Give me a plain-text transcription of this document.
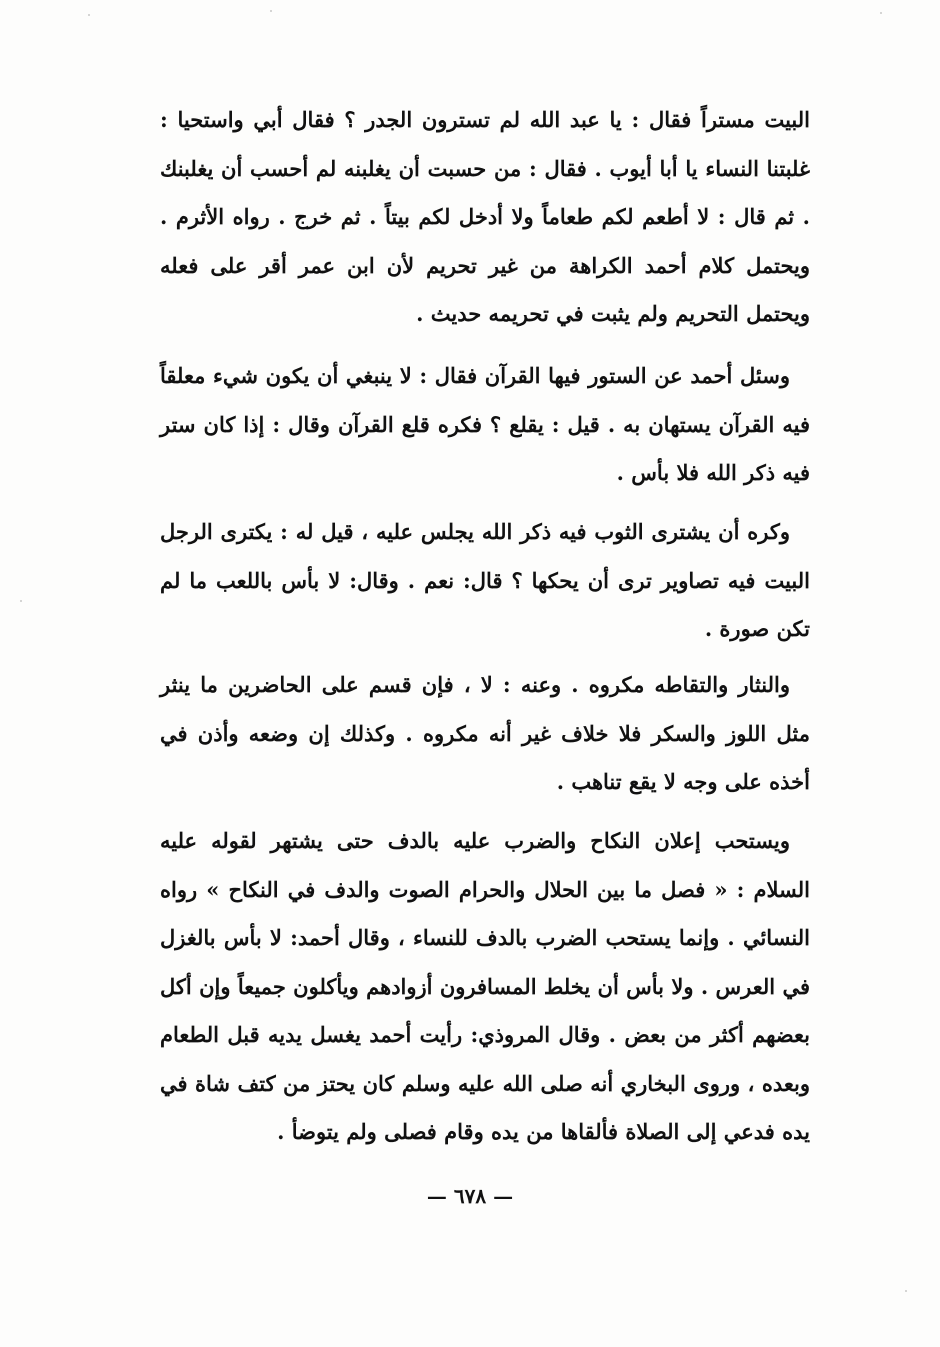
البيت مستراً فقال : يا عبد الله لم تسترون الجدر ؟ فقال أبي واستحيا : غلبتنا النساء يا أبا أيوب . فقال : من حسبت أن يغلبنه لم أحسب أن يغلبنك . ثم قال : لا أطعم لكم طعاماً ولا أدخل لكم بيتاً . ثم خرج . رواه الأثرم . ويحتمل كلام أحمد الكراهة من غير تحريم لأن ابن عمر أقر على فعله ويحتمل التحريم ولم يثبت في تحريمه حديث .

وسئل أحمد عن الستور فيها القرآن فقال : لا ينبغي أن يكون شيء معلقاً فيه القرآن يستهان به . قيل : يقلع ؟ فكره قلع القرآن وقال : إذا كان ستر فيه ذكر الله فلا بأس .

وكره أن يشترى الثوب فيه ذكر الله يجلس عليه ، قيل له : يكترى الرجل البيت فيه تصاوير ترى أن يحكها ؟ قال: نعم . وقال: لا بأس باللعب ما لم تكن صورة .

والنثار والتقاطه مكروه . وعنه : لا ، فإن قسم على الحاضرين ما ينثر مثل اللوز والسكر فلا خلاف غير أنه مكروه . وكذلك إن وضعه وأذن في أخذه على وجه لا يقع تناهب .

ويستحب إعلان النكاح والضرب عليه بالدف حتى يشتهر لقوله عليه السلام : « فصل ما بين الحلال والحرام الصوت والدف في النكاح » رواه النسائي . وإنما يستحب الضرب بالدف للنساء ، وقال أحمد: لا بأس بالغزل في العرس . ولا بأس أن يخلط المسافرون أزوادهم ويأكلون جميعاً وإن أكل بعضهم أكثر من بعض . وقال المروذي: رأيت أحمد يغسل يديه قبل الطعام وبعده ، وروى البخاري أنه صلى الله عليه وسلم كان يحتز من كتف شاة في يده فدعي إلى الصلاة فألقاها من يده وقام فصلى ولم يتوضأ .

— ٦٧٨ —
